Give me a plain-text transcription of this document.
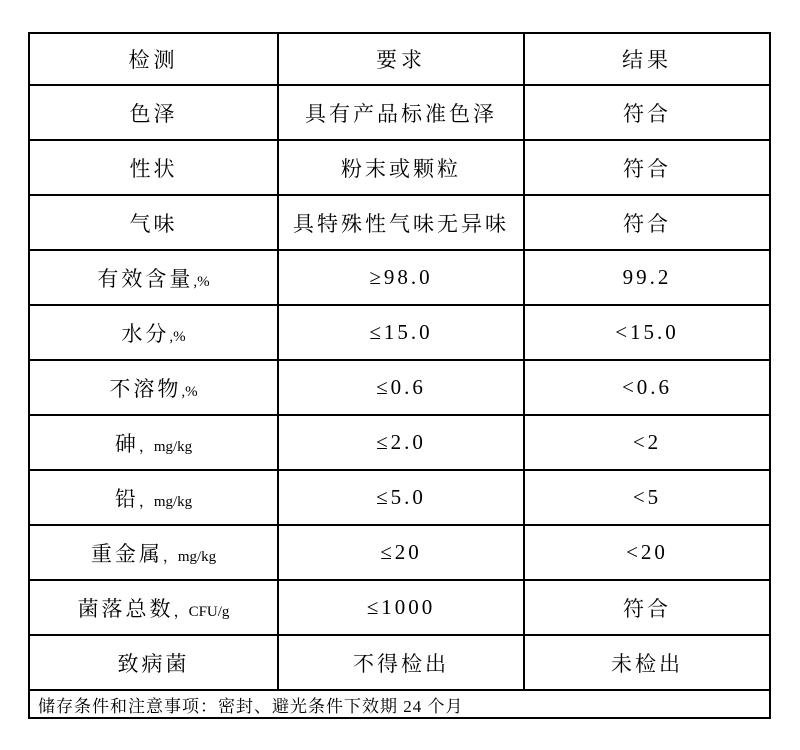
检测	要求	结果
色泽	具有产品标准色泽	符合
性状	粉末或颗粒	符合
气味	具特殊性气味无异味	符合
有效含量,%	≥98.0	99.2
水分,%	≤15.0	<15.0
不溶物,%	≤0.6	<0.6
砷，mg/kg	≤2.0	<2
铅，mg/kg	≤5.0	<5
重金属，mg/kg	≤20	<20
菌落总数，CFU/g	≤1000	符合
致病菌	不得检出	未检出
储存条件和注意事项：密封、避光条件下效期 24 个月		
